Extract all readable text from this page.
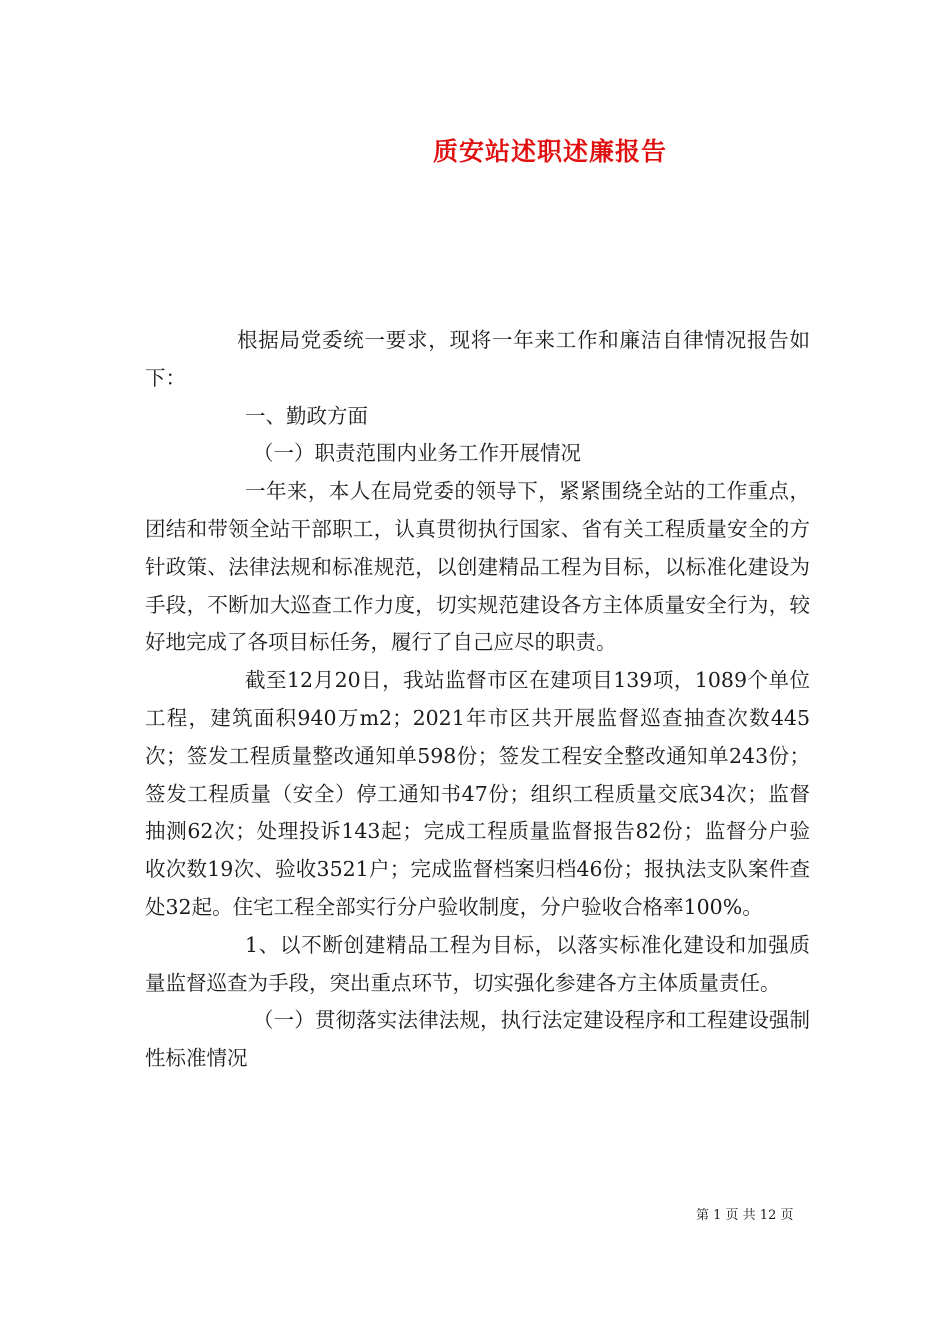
质安站述职述廉报告

根据局党委统一要求，现将一年来工作和廉洁自律情况报告如下：

一、勤政方面

（一）职责范围内业务工作开展情况

一年来，本人在局党委的领导下，紧紧围绕全站的工作重点，团结和带领全站干部职工，认真贯彻执行国家、省有关工程质量安全的方针政策、法律法规和标准规范，以创建精品工程为目标，以标准化建设为手段，不断加大巡查工作力度，切实规范建设各方主体质量安全行为，较好地完成了各项目标任务，履行了自己应尽的职责。

截至12月20日，我站监督市区在建项目139项，1089个单位工程，建筑面积940万m2；2021年市区共开展监督巡查抽查次数445次；签发工程质量整改通知单598份；签发工程安全整改通知单243份；签发工程质量（安全）停工通知书47份；组织工程质量交底34次；监督抽测62次；处理投诉143起；完成工程质量监督报告82份；监督分户验收次数19次、验收3521户；完成监督档案归档46份；报执法支队案件查处32起。住宅工程全部实行分户验收制度，分户验收合格率100%。

1、以不断创建精品工程为目标，以落实标准化建设和加强质量监督巡查为手段，突出重点环节，切实强化参建各方主体质量责任。

（一）贯彻落实法律法规，执行法定建设程序和工程建设强制性标准情况

第 1 页 共 12 页
